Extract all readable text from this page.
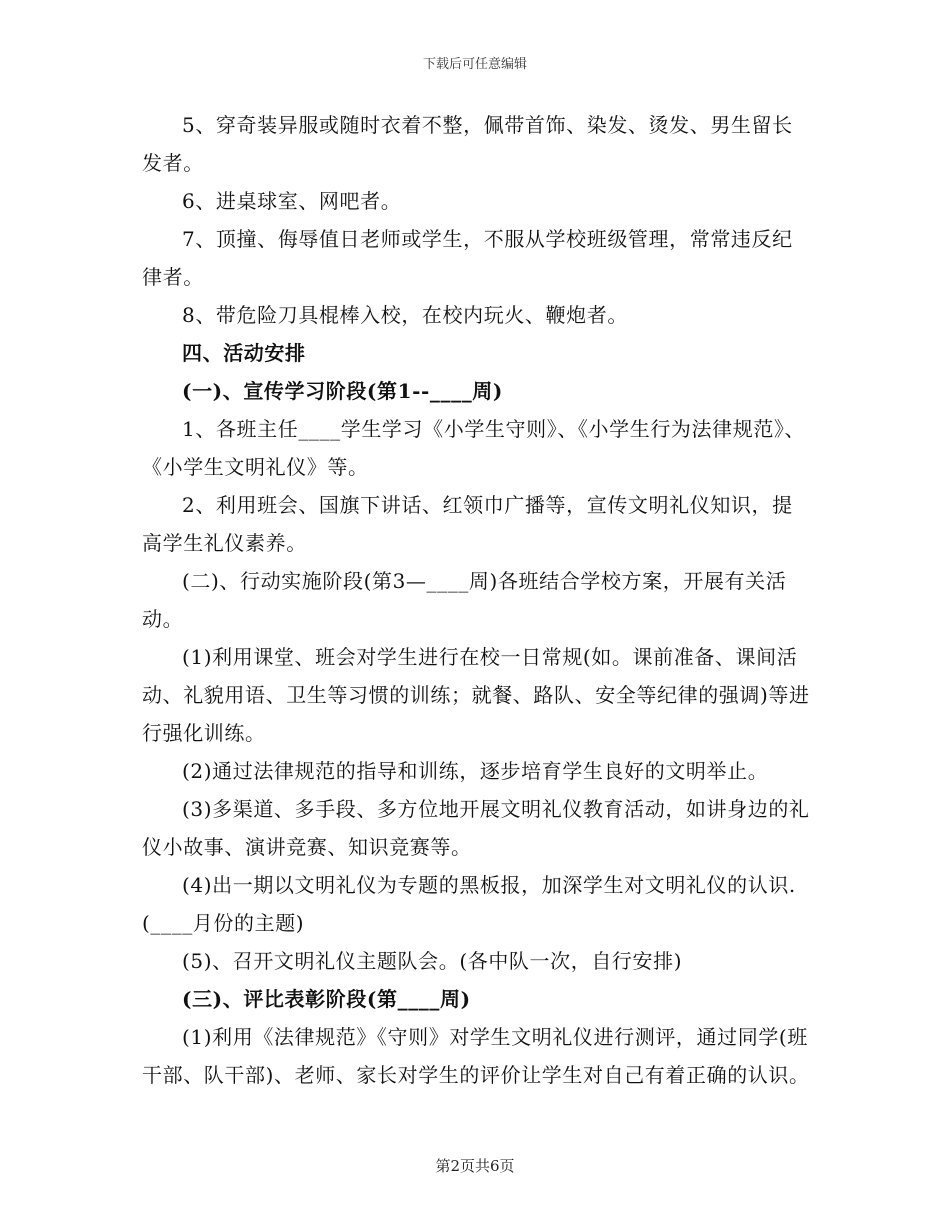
下载后可任意编辑

5、穿奇装异服或随时衣着不整，佩带首饰、染发、烫发、男生留长发者。

6、进桌球室、网吧者。

7、顶撞、侮辱值日老师或学生，不服从学校班级管理，常常违反纪律者。

8、带危险刀具棍棒入校，在校内玩火、鞭炮者。

四、活动安排

(一)、宣传学习阶段(第1--____周)

1、各班主任____学生学习《小学生守则》、《小学生行为法律规范》、《小学生文明礼仪》等。

2、利用班会、国旗下讲话、红领巾广播等，宣传文明礼仪知识，提高学生礼仪素养。

(二)、行动实施阶段(第3—____周)各班结合学校方案，开展有关活动。

(1)利用课堂、班会对学生进行在校一日常规(如。课前准备、课间活动、礼貌用语、卫生等习惯的训练；就餐、路队、安全等纪律的强调)等进行强化训练。

(2)通过法律规范的指导和训练，逐步培育学生良好的文明举止。

(3)多渠道、多手段、多方位地开展文明礼仪教育活动，如讲身边的礼仪小故事、演讲竞赛、知识竞赛等。

(4)出一期以文明礼仪为专题的黑板报，加深学生对文明礼仪的认识.(____月份的主题)

(5)、召开文明礼仪主题队会。(各中队一次，自行安排)

(三)、评比表彰阶段(第____周)

(1)利用《法律规范》《守则》对学生文明礼仪进行测评，通过同学(班干部、队干部)、老师、家长对学生的评价让学生对自己有着正确的认识。

第2页共6页
